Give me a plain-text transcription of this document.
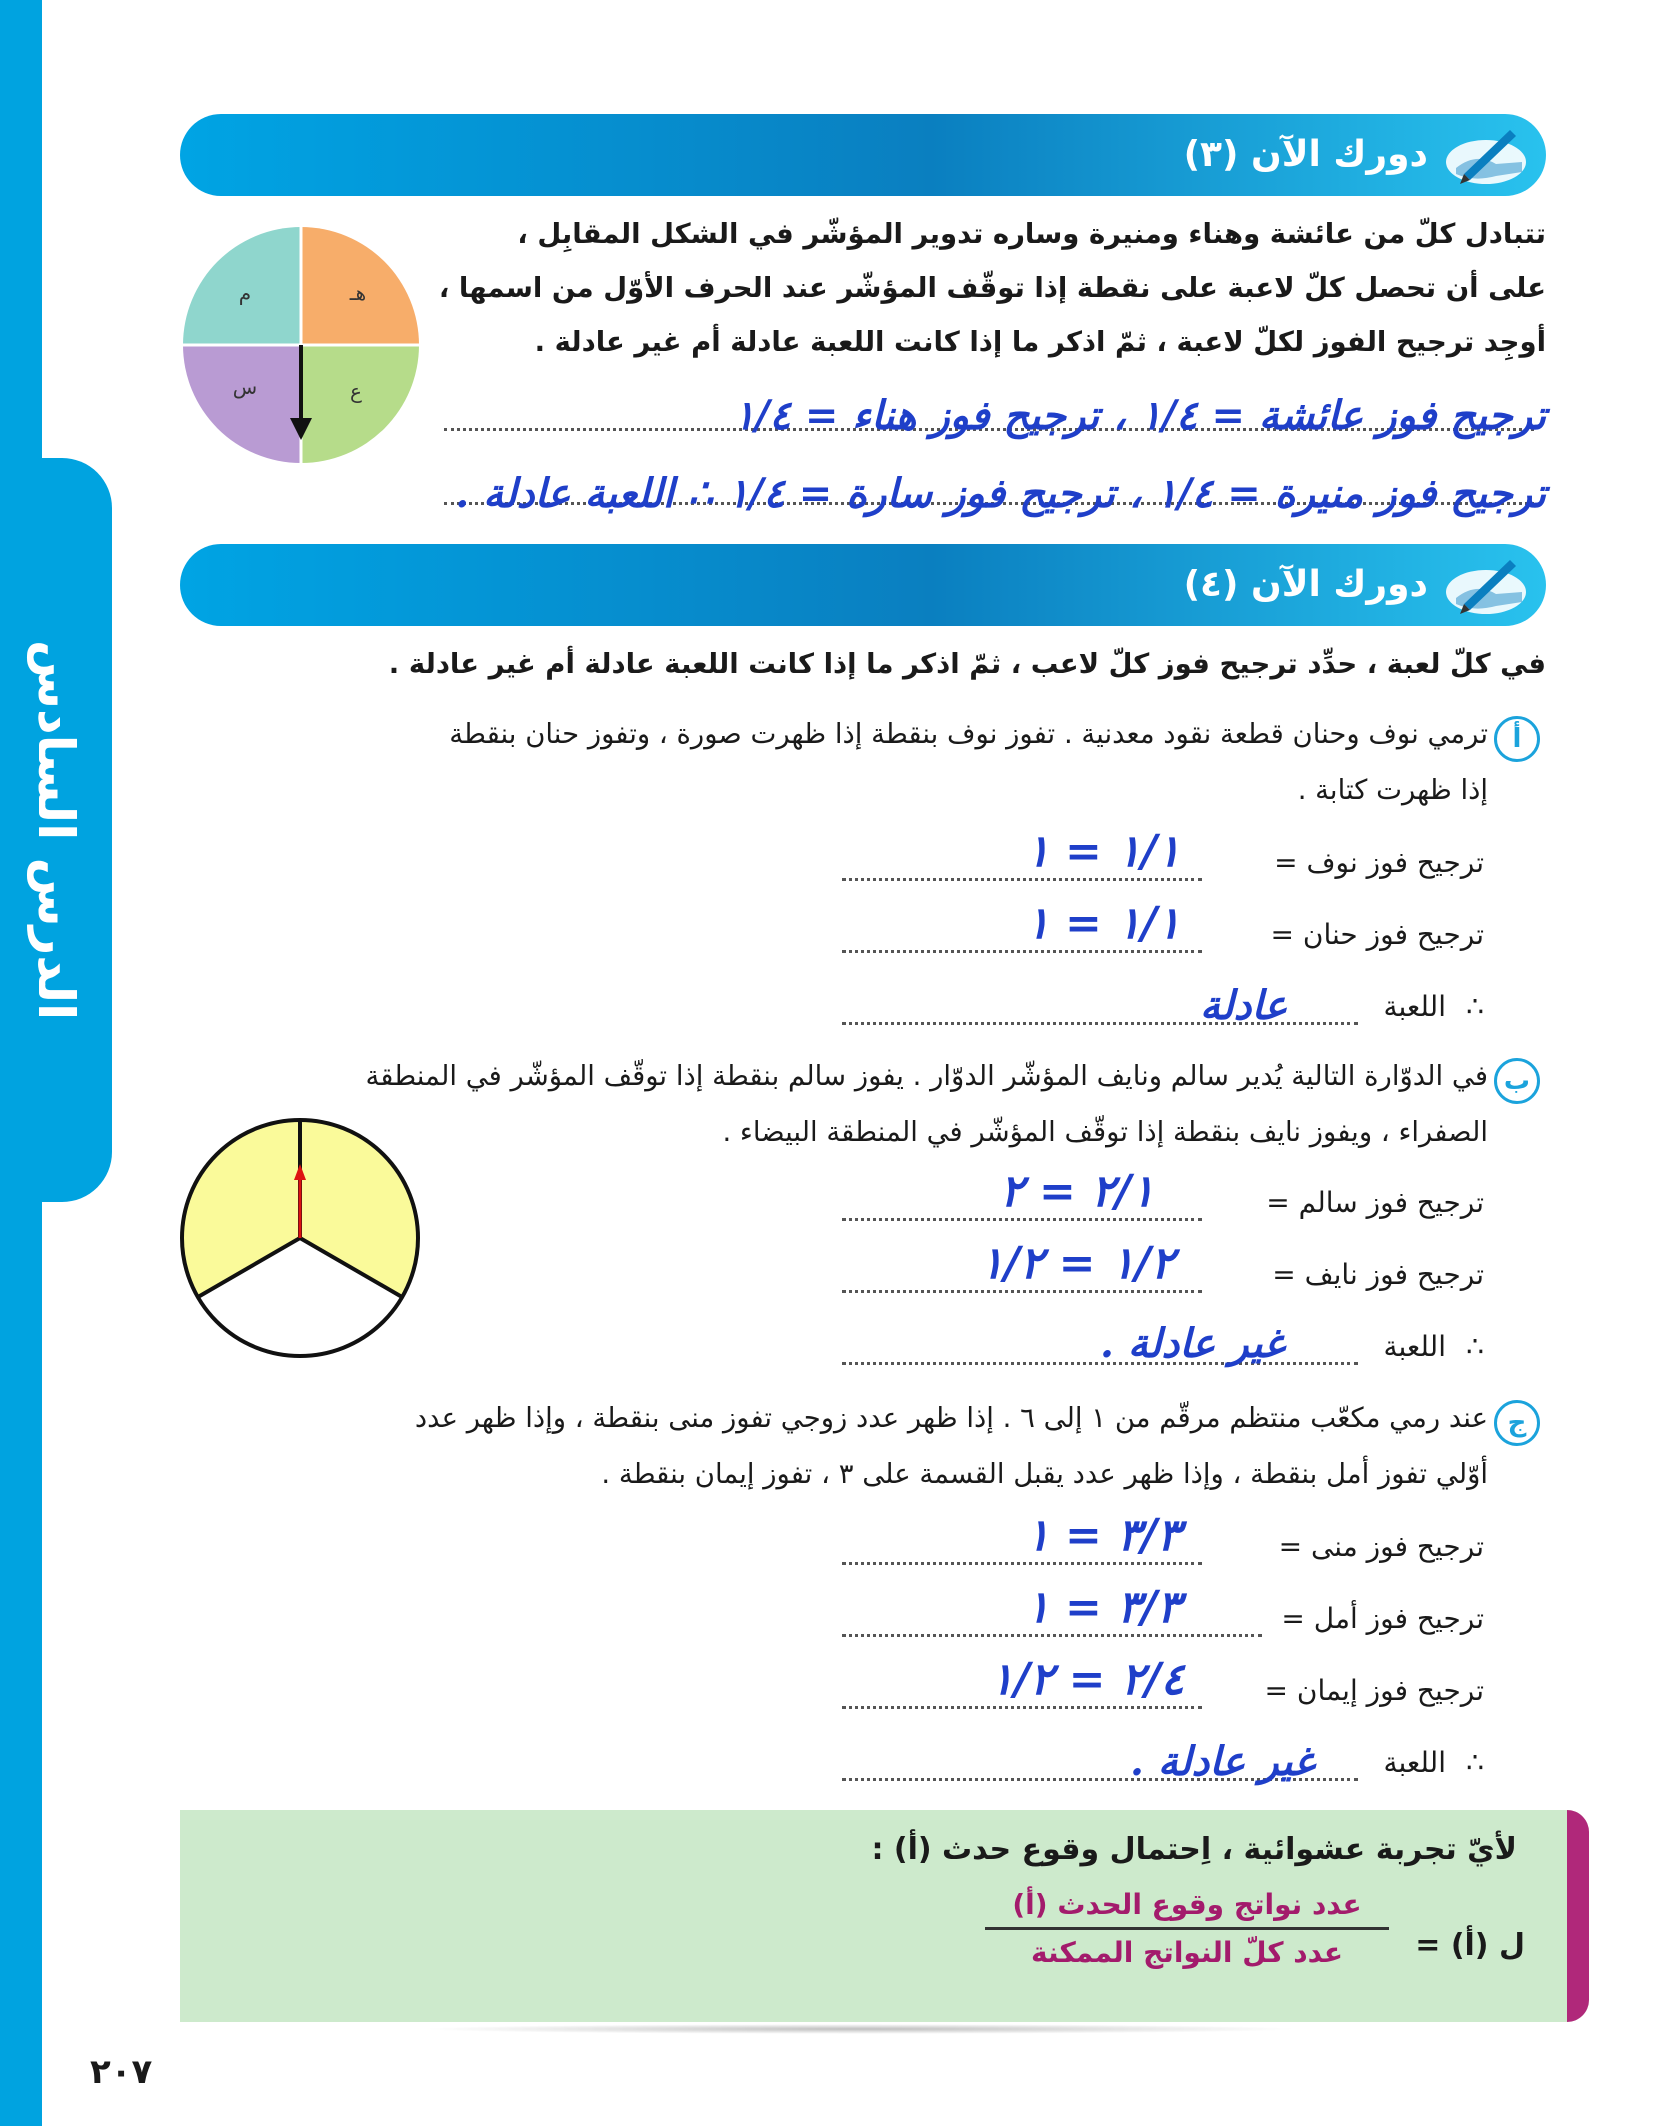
الدرس السادس
دورك الآن (٣)
تتبادل كلّ من عائشة وهناء ومنيرة وساره تدوير المؤشّر في الشكل المقابِل ،
على أن تحصل كلّ لاعبة على نقطة إذا توقّف المؤشّر عند الحرف الأوّل من اسمها ،
أوجِد ترجيح الفوز لكلّ لاعبة ، ثمّ اذكر ما إذا كانت اللعبة عادلة أم غير عادلة .
م	هـ
س	ع
ترجيح فوز عائشة = ١/٤ ، ترجيح فوز هناء = ١/٤
ترجيح فوز منيرة = ١/٤ ، ترجيح فوز سارة = ١/٤ ∴ اللعبة عادلة .
دورك الآن (٤)
في كلّ لعبة ، حدِّد ترجيح فوز كلّ لاعب ، ثمّ اذكر ما إذا كانت اللعبة عادلة أم غير عادلة .
أ
ترمي نوف وحنان قطعة نقود معدنية . تفوز نوف بنقطة إذا ظهرت صورة ، وتفوز حنان بنقطة
إذا ظهرت كتابة .
ترجيح فوز نوف =
١/١ = ١
ترجيح فوز حنان =
١/١ = ١
∴
اللعبة
عادلة
ب
في الدوّارة التالية يُدير سالم ونايف المؤشّر الدوّار . يفوز سالم بنقطة إذا توقّف المؤشّر في المنطقة
الصفراء ، ويفوز نايف بنقطة إذا توقّف المؤشّر في المنطقة البيضاء .
ترجيح فوز سالم =
٢/١ = ٢
ترجيح فوز نايف =
١/٢ = ١/٢
∴
اللعبة
غير عادلة .
ج
عند رمي مكعّب منتظم مرقّم من ١ إلى ٦ . إذا ظهر عدد زوجي تفوز منى بنقطة ، وإذا ظهر عدد
أوّلي تفوز أمل بنقطة ، وإذا ظهر عدد يقبل القسمة على ٣ ، تفوز إيمان بنقطة .
ترجيح فوز منى =
٣/٣ = ١
ترجيح فوز أمل =
٣/٣ = ١
ترجيح فوز إيمان =
٢/٤ = ١/٢
∴
اللعبة
غير عادلة .
لأيّ تجربة عشوائية ، اِحتمال وقوع حدث (أ) :
ل (أ) =
عدد نواتج وقوع الحدث (أ)
عدد كلّ النواتج الممكنة
٢٠٧
